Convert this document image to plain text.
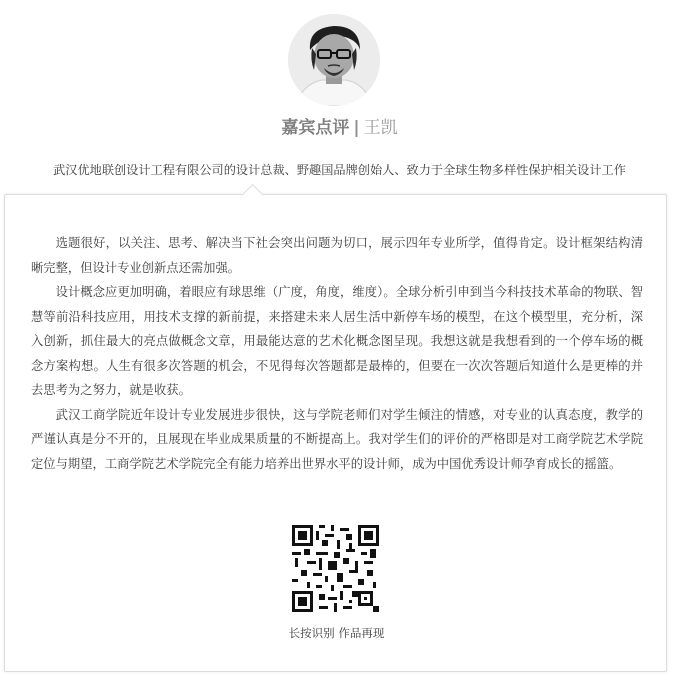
嘉宾点评 | 王凯
武汉优地联创设计工程有限公司的设计总裁、野趣国品牌创始人、致力于全球生物多样性保护相关设计工作

选题很好，以关注、思考、解决当下社会突出问题为切口，展示四年专业所学，值得肯定。设计框架结构清晰完整，但设计专业创新点还需加强。

设计概念应更加明确，着眼应有球思维（广度，角度，维度）。全球分析引申到当今科技技术革命的物联、智慧等前沿科技应用，用技术支撑的新前提，来搭建未来人居生活中新停车场的模型，在这个模型里，充分析，深入创新，抓住最大的亮点做概念文章，用最能达意的艺术化概念图呈现。我想这就是我想看到的一个停车场的概念方案构想。人生有很多次答题的机会，不见得每次答题都是最棒的，但要在一次次答题后知道什么是更棒的并去思考为之努力，就是收获。

武汉工商学院近年设计专业发展进步很快，这与学院老师们对学生倾注的情感，对专业的认真态度，教学的严谨认真是分不开的，且展现在毕业成果质量的不断提高上。我对学生们的评价的严格即是对工商学院艺术学院定位与期望，工商学院艺术学院完全有能力培养出世界水平的设计师，成为中国优秀设计师孕育成长的摇篮。

长按识别 作品再现
